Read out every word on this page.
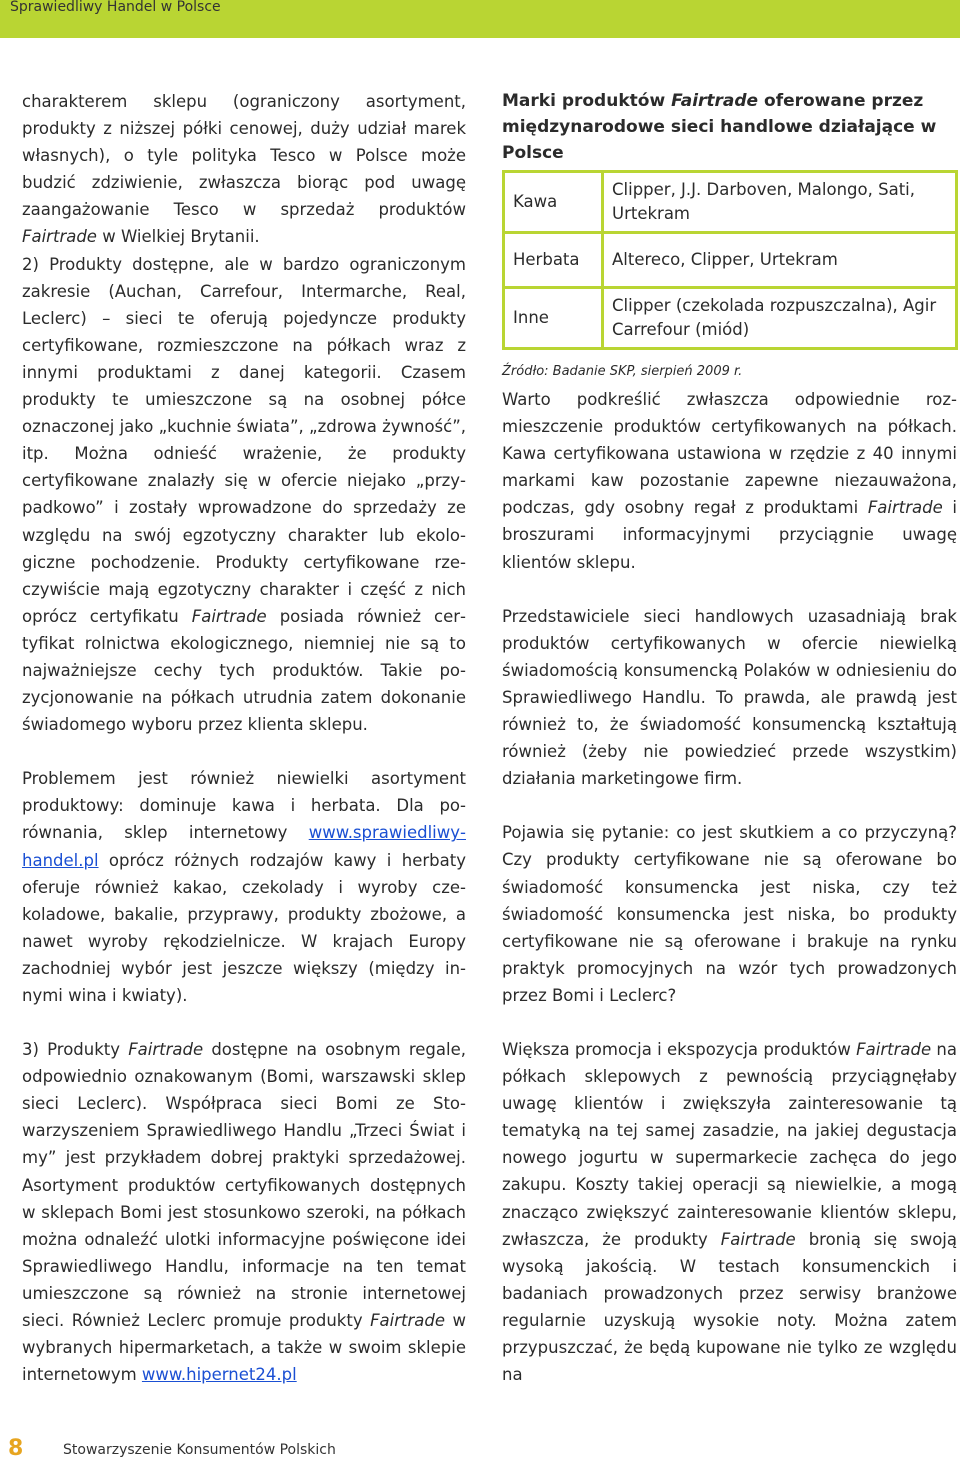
Sprawiedliwy Handel w Polsce

charakterem sklepu (ograniczony asortyment, produkty z niższej półki cenowej, duży udział marek własnych), o tyle polityka Tesco w Polsce może budzić zdziwienie, zwłaszcza biorąc pod uwagę zaangażowanie Tesco w sprzedaż produktów Fairtrade w Wielkiej Brytanii.

2) Produkty dostępne, ale w bardzo ograniczonym zakresie (Auchan, Carrefour, Intermarche, Real, Leclerc) – sieci te oferują pojedyncze produkty certyfikowane, rozmieszczone na półkach wraz z innymi produktami z danej kategorii. Czasem produkty te umieszczone są na osobnej półce oznaczonej jako „kuchnie świata”, „zdrowa żywność”, itp. Można odnieść wrażenie, że produkty certyfikowane znalazły się w ofercie niejako „przypadkowo” i zostały wprowadzone do sprzedaży ze względu na swój egzotyczny charakter lub ekologiczne pochodzenie. Produkty certyfikowane rzeczywiście mają egzotyczny charakter i część z nich oprócz certyfikatu Fairtrade posiada również certyfikat rolnictwa ekologicznego, niemniej nie są to najważniejsze cechy tych produktów. Takie pozycjonowanie na półkach utrudnia zatem dokonanie świadomego wyboru przez klienta sklepu.

Problemem jest również niewielki asortyment produktowy: dominuje kawa i herbata. Dla porównania, sklep internetowy www.sprawiedliwyhandel.pl oprócz różnych rodzajów kawy i herbaty oferuje również kakao, czekolady i wyroby czekoladowe, bakalie, przyprawy, produkty zbożowe, a nawet wyroby rękodzielnicze. W krajach Europy zachodniej wybór jest jeszcze większy (między innymi wina i kwiaty).

3) Produkty Fairtrade dostępne na osobnym regale, odpowiednio oznakowanym (Bomi, warszawski sklep sieci Leclerc). Współpraca sieci Bomi ze Stowarzyszeniem Sprawiedliwego Handlu „Trzeci Świat i my” jest przykładem dobrej praktyki sprzedażowej. Asortyment produktów certyfikowanych dostępnych w sklepach Bomi jest stosunkowo szeroki, na półkach można odnaleźć ulotki informacyjne poświęcone idei Sprawiedliwego Handlu, informacje na ten temat umieszczone są również na stronie internetowej sieci. Również Leclerc promuje produkty Fairtrade w wybranych hipermarketach, a także w swoim sklepie internetowym www.hipernet24.pl

Marki produktów Fairtrade oferowane przez międzynarodowe sieci handlowe działające w Polsce
Kawa	Clipper, J.J. Darboven, Malongo, Sati, Urtekram
Herbata	Altereco, Clipper, Urtekram
Inne	Clipper (czekolada rozpuszczalna), Agir Carrefour (miód)
Źródło: Badanie SKP, sierpień 2009 r.

Warto podkreślić zwłaszcza odpowiednie rozmieszczenie produktów certyfikowanych na półkach. Kawa certyfikowana ustawiona w rzędzie z 40 innymi markami kaw pozostanie zapewne niezauważona, podczas, gdy osobny regał z produktami Fairtrade i broszurami informacyjnymi przyciągnie uwagę klientów sklepu.

Przedstawiciele sieci handlowych uzasadniają brak produktów certyfikowanych w ofercie niewielką świadomością konsumencką Polaków w odniesieniu do Sprawiedliwego Handlu. To prawda, ale prawdą jest również to, że świadomość konsumencką kształtują również (żeby nie powiedzieć przede wszystkim) działania marketingowe firm.

Pojawia się pytanie: co jest skutkiem a co przyczyną? Czy produkty certyfikowane nie są oferowane bo świadomość konsumencka jest niska, czy też świadomość konsumencka jest niska, bo produkty certyfikowane nie są oferowane i brakuje na rynku praktyk promocyjnych na wzór tych prowadzonych przez Bomi i Leclerc?

Większa promocja i ekspozycja produktów Fairtrade na półkach sklepowych z pewnością przyciągnęłaby uwagę klientów i zwiększyła zainteresowanie tą tematyką na tej samej zasadzie, na jakiej degustacja nowego jogurtu w supermarkecie zachęca do jego zakupu. Koszty takiej operacji są niewielkie, a mogą znacząco zwiększyć zainteresowanie klientów sklepu, zwłaszcza, że produkty Fairtrade bronią się swoją wysoką jakością. W testach konsumenckich i badaniach prowadzonych przez serwisy branżowe regularnie uzyskują wysokie noty. Można zatem przypuszczać, że będą kupowane nie tylko ze względu na

8	Stowarzyszenie Konsumentów Polskich
